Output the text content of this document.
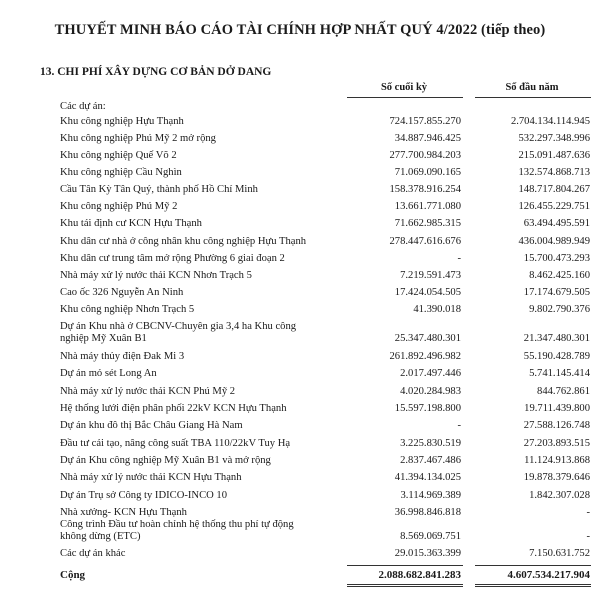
THUYẾT MINH BÁO CÁO TÀI CHÍNH HỢP NHẤT QUÝ 4/2022 (tiếp theo)
13. CHI PHÍ XÂY DỰNG CƠ BẢN DỞ DANG
Số cuối kỳ	Số đầu năm
Các dự án:
Khu công nghiệp Hựu Thạnh	724.157.855.270	2.704.134.114.945
Khu công nghiệp Phú Mỹ 2 mở rộng	34.887.946.425	532.297.348.996
Khu công nghiệp Quế Võ 2	277.700.984.203	215.091.487.636
Khu công nghiệp Cầu Nghìn	71.069.090.165	132.574.868.713
Cầu Tân Kỳ Tân Quý, thành phố Hồ Chí Minh	158.378.916.254	148.717.804.267
Khu công nghiệp Phú Mỹ 2	13.661.771.080	126.455.229.751
Khu tái định cư KCN Hựu Thạnh	71.662.985.315	63.494.495.591
Khu dân cư nhà ở công nhân khu công nghiệp Hựu Thạnh	278.447.616.676	436.004.989.949
Khu dân cư trung tâm mở rộng Phường 6 giai đoạn 2	-	15.700.473.293
Nhà máy xử lý nước thải KCN Nhơn Trạch 5	7.219.591.473	8.462.425.160
Cao ốc 326 Nguyễn An Ninh	17.424.054.505	17.174.679.505
Khu công nghiệp Nhơn Trạch 5	41.390.018	9.802.790.376
Dự án Khu nhà ở CBCNV-Chuyên gia 3,4 ha Khu công
nghiệp Mỹ Xuân B1	25.347.480.301	21.347.480.301
Nhà máy thủy điện Đak Mi 3	261.892.496.982	55.190.428.789
Dự án mỏ sét Long An	2.017.497.446	5.741.145.414
Nhà máy xử lý nước thải KCN Phú Mỹ 2	4.020.284.983	844.762.861
Hệ thống lưới điện phân phối 22kV KCN Hựu Thạnh	15.597.198.800	19.711.439.800
Dự án khu đô thị Bắc Châu Giang Hà Nam	-	27.588.126.748
Đầu tư cải tạo, nâng công suất TBA 110/22kV Tuy Hạ	3.225.830.519	27.203.893.515
Dự án Khu công nghiệp Mỹ Xuân B1 và mở rộng	2.837.467.486	11.124.913.868
Nhà máy xử lý nước thải KCN Hựu Thạnh	41.394.134.025	19.878.379.646
Dự án Trụ sở Công ty IDICO-INCO 10	3.114.969.389	1.842.307.028
Nhà xưởng- KCN Hựu Thạnh	36.998.846.818	-
Công trình Đầu tư hoàn chỉnh hệ thống thu phí tự động
không dừng (ETC)	8.569.069.751	-
Các dự án khác	29.015.363.399	7.150.631.752
Cộng	2.088.682.841.283	4.607.534.217.904
